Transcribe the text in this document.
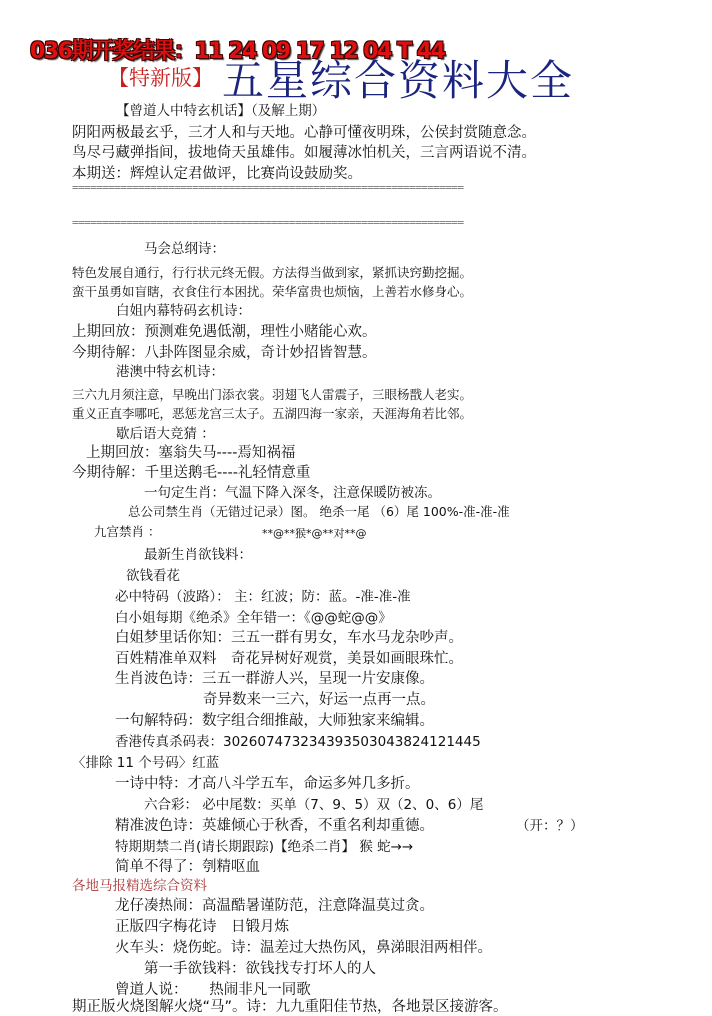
036期开奖结果：11 24 09 17 12 04 T 44
【特新版】 五星综合资料大全
【曾道人中特玄机话】（及解上期）
阴阳两极最玄乎，三才人和与天地。心静可懂夜明珠，公侯封赏随意念。
鸟尽弓藏弹指间，拔地倚天虽雄伟。如履薄冰怕机关，三言两语说不清。
本期送：辉煌认定君做评，比赛尚设鼓励奖。
=================================================================
=================================================================
马会总纲诗：
特色发展自通行，行行状元终无假。方法得当做到家，紧抓诀窍勤挖掘。
蛮干虽勇如盲瞎，衣食住行本困扰。荣华富贵也烦恼，上善若水修身心。
白姐内幕特码玄机诗：
上期回放：预测难免遇低潮，理性小赌能心欢。
今期待解：八卦阵图显余威，奇计妙招皆智慧。
港澳中特玄机诗：
三六九月须注意，早晚出门添衣裳。羽翅飞人雷震子，三眼杨戬人老实。
重义正直李哪吒，恶惩龙宫三太子。五湖四海一家亲，天涯海角若比邻。
歇后语大竞猜 ：
上期回放：塞翁失马----焉知祸福
今期待解：千里送鹅毛----礼轻情意重
一句定生肖：气温下降入深冬，注意保暖防被冻。
总公司禁生肖（无错过记录）图。 绝杀一尾 （6）尾 100%-准-准-准
九宫禁肖 ：	**@**猴*@**对**@
最新生肖欲钱料：
欲钱看花
必中特码（波路）： 主：红波；防：蓝。-准-准-准
白小姐每期《绝杀》全年错一：《@@蛇@@》
白姐梦里话你知：三五一群有男女，车水马龙杂吵声。
百姓精准单双料　奇花异树好观赏，美景如画眼珠忙。
生肖波色诗：三五一群游人兴，呈现一片安康像。
奇异数来一三六，好运一点再一点。
一句解特码：数字组合细推敲，大师独家来编辑。
香港传真杀码表：30260747323439350304382412144​5
〈排除 11 个号码〉红蓝
一诗中特：才高八斗学五车，命运多舛几多折。
六合彩： 必中尾数：买单（7、9、5）双（2、0、6）尾
精准波色诗：英雄倾心于秋香，不重名利却重德。	（开：？）
特期期禁二肖(请长期跟踪)【绝杀二肖】 猴 蛇→→
简单不得了：刳精呕血
各地马报精选综合资料
龙仔凑热闹：高温酷暑谨防范，注意降温莫过贪。
正版四字梅花诗　日锻月炼
火车头：烧伤蛇。诗：温差过大热伤风，鼻涕眼泪两相伴。
第一手欲钱料：欲钱找专打坏人的人
曾道人说：　　热闹非凡一同歌
期正版火烧图解火烧“马”。诗：九九重阳佳节热，各地景区接游客。
